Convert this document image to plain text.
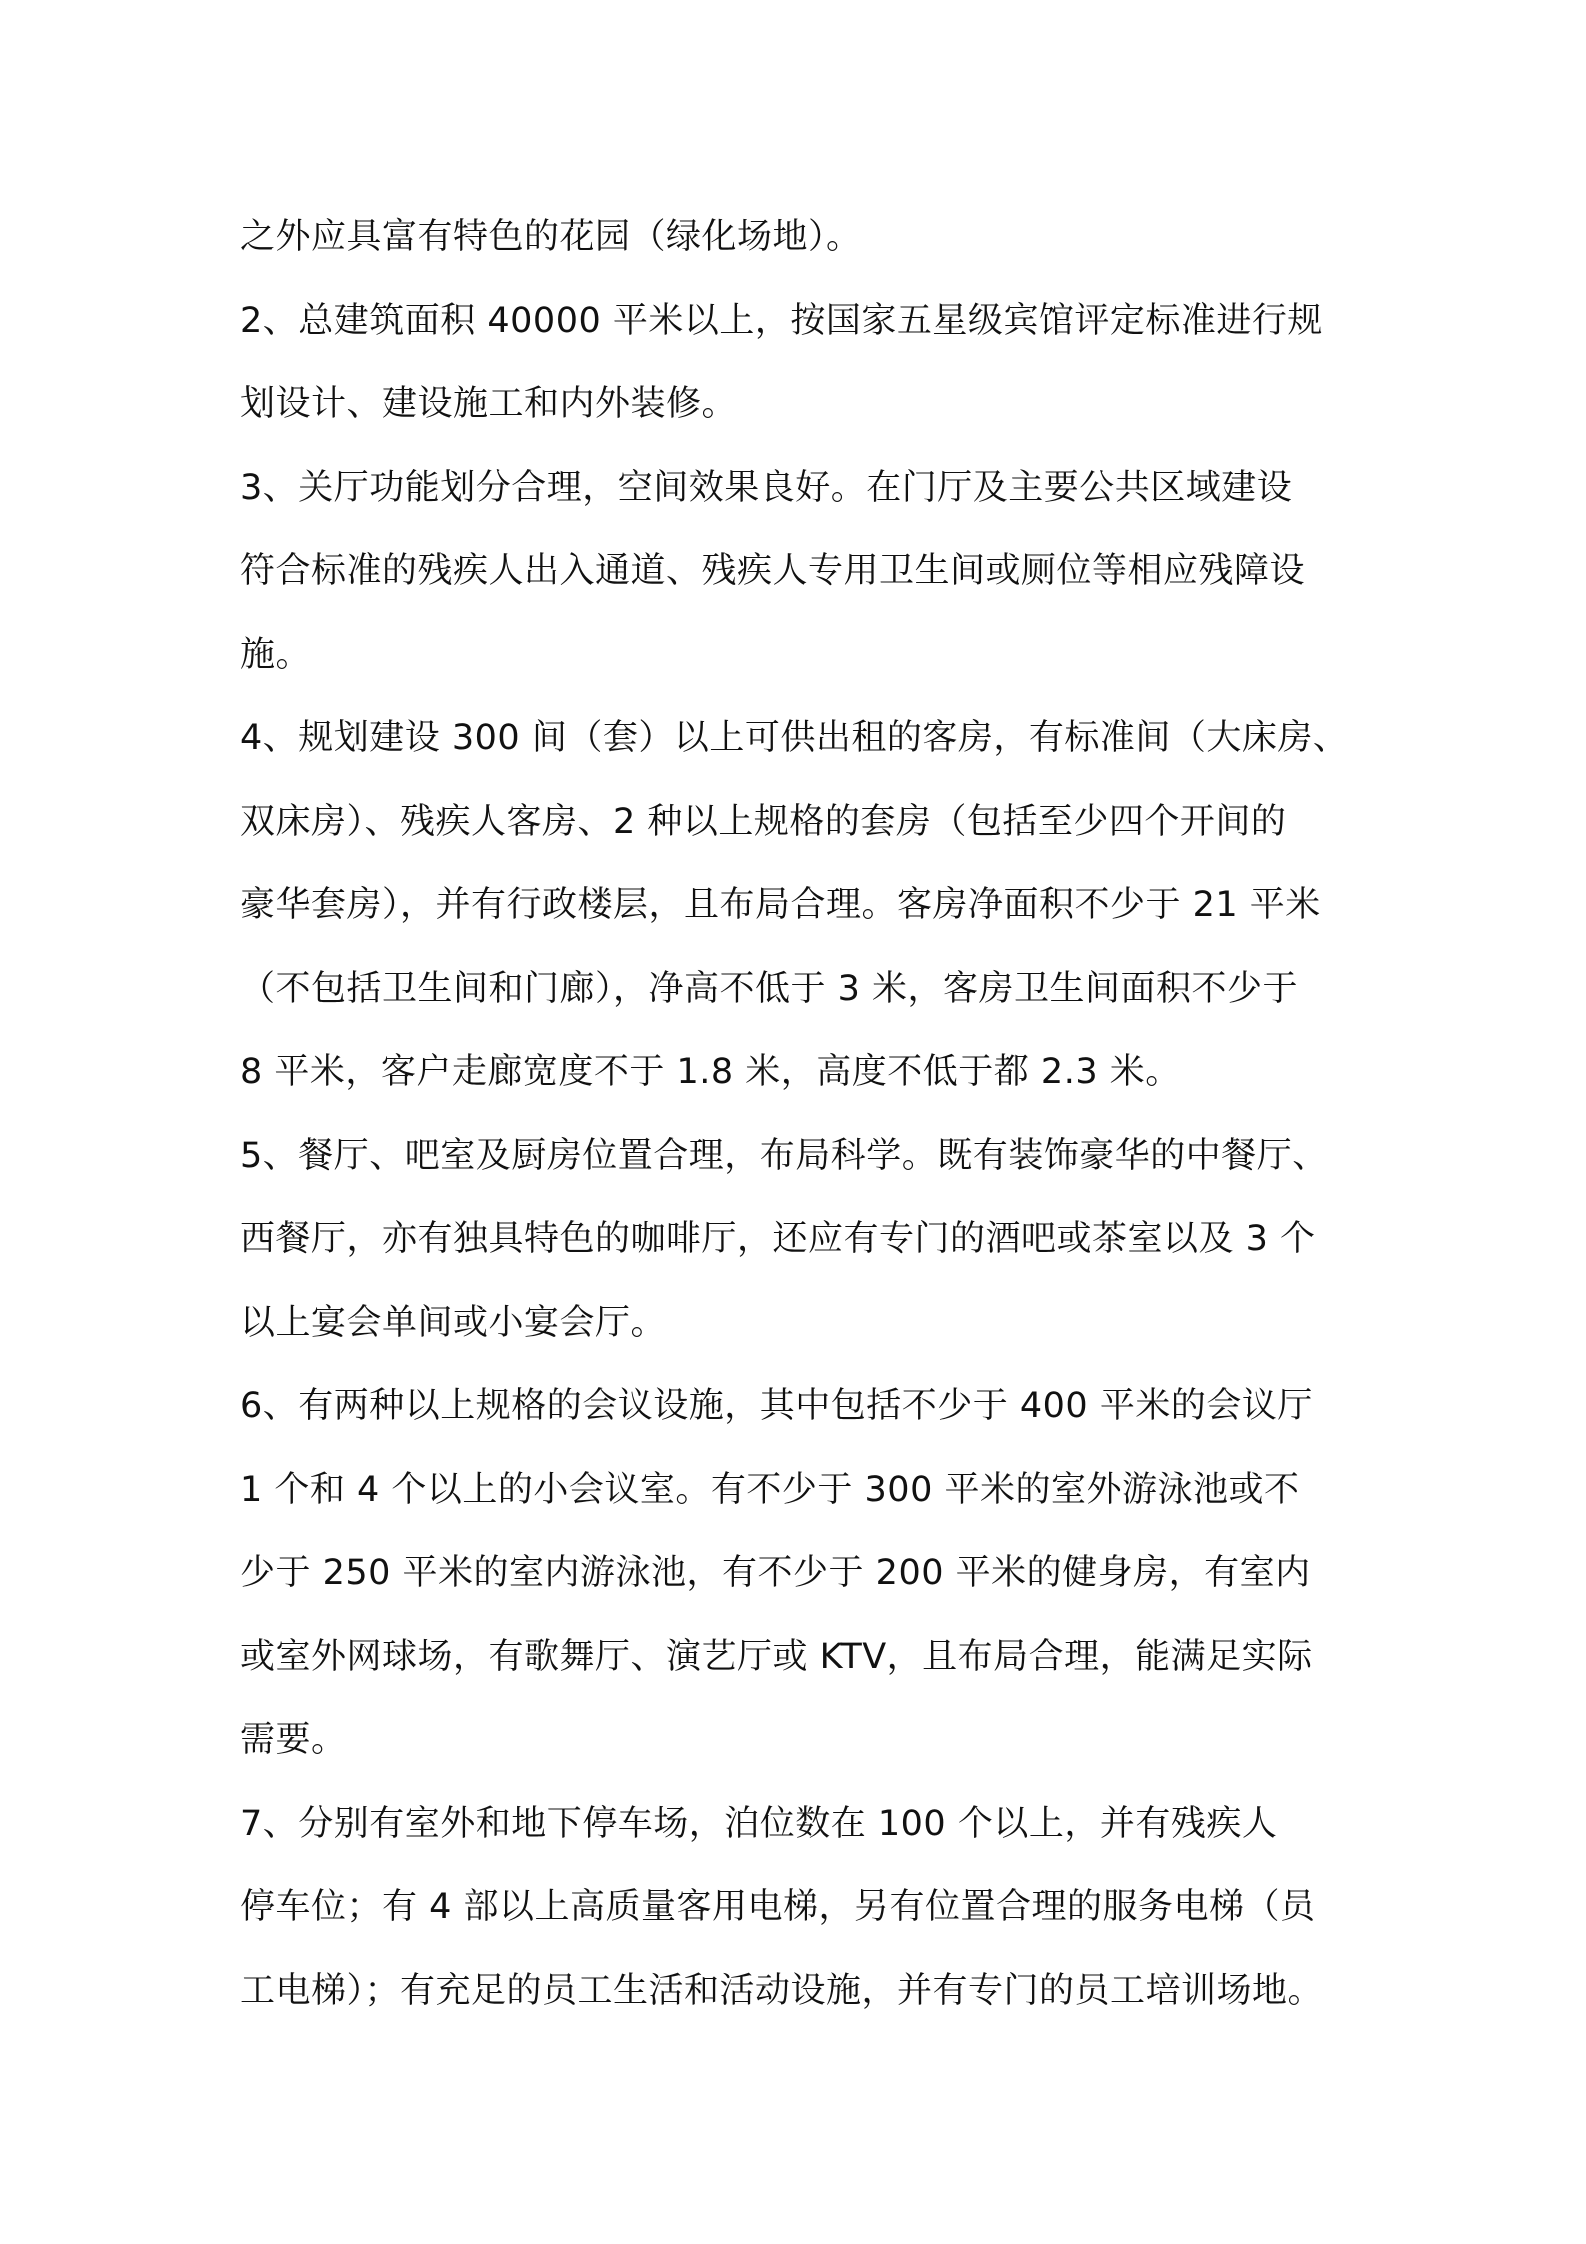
之外应具富有特色的花园（绿化场地）。

2、总建筑面积 40000 平米以上，按国家五星级宾馆评定标准进行规

划设计、建设施工和内外装修。

3、关厅功能划分合理，空间效果良好。在门厅及主要公共区域建设

符合标准的残疾人出入通道、残疾人专用卫生间或厕位等相应残障设

施。

4、规划建设 300 间（套）以上可供出租的客房，有标准间（大床房、

双床房）、残疾人客房、2 种以上规格的套房（包括至少四个开间的

豪华套房），并有行政楼层，且布局合理。客房净面积不少于 21 平米

（不包括卫生间和门廊），净高不低于 3 米，客房卫生间面积不少于

8 平米，客户走廊宽度不于 1.8 米，高度不低于都 2.3 米。

5、餐厅、吧室及厨房位置合理，布局科学。既有装饰豪华的中餐厅、

西餐厅，亦有独具特色的咖啡厅，还应有专门的酒吧或茶室以及 3 个

以上宴会单间或小宴会厅。

6、有两种以上规格的会议设施，其中包括不少于 400 平米的会议厅

1 个和 4 个以上的小会议室。有不少于 300 平米的室外游泳池或不

少于 250 平米的室内游泳池，有不少于 200 平米的健身房，有室内

或室外网球场，有歌舞厅、演艺厅或 KTV，且布局合理，能满足实际

需要。

7、分别有室外和地下停车场，泊位数在 100 个以上，并有残疾人

停车位；有 4 部以上高质量客用电梯，另有位置合理的服务电梯（员

工电梯）；有充足的员工生活和活动设施，并有专门的员工培训场地。
